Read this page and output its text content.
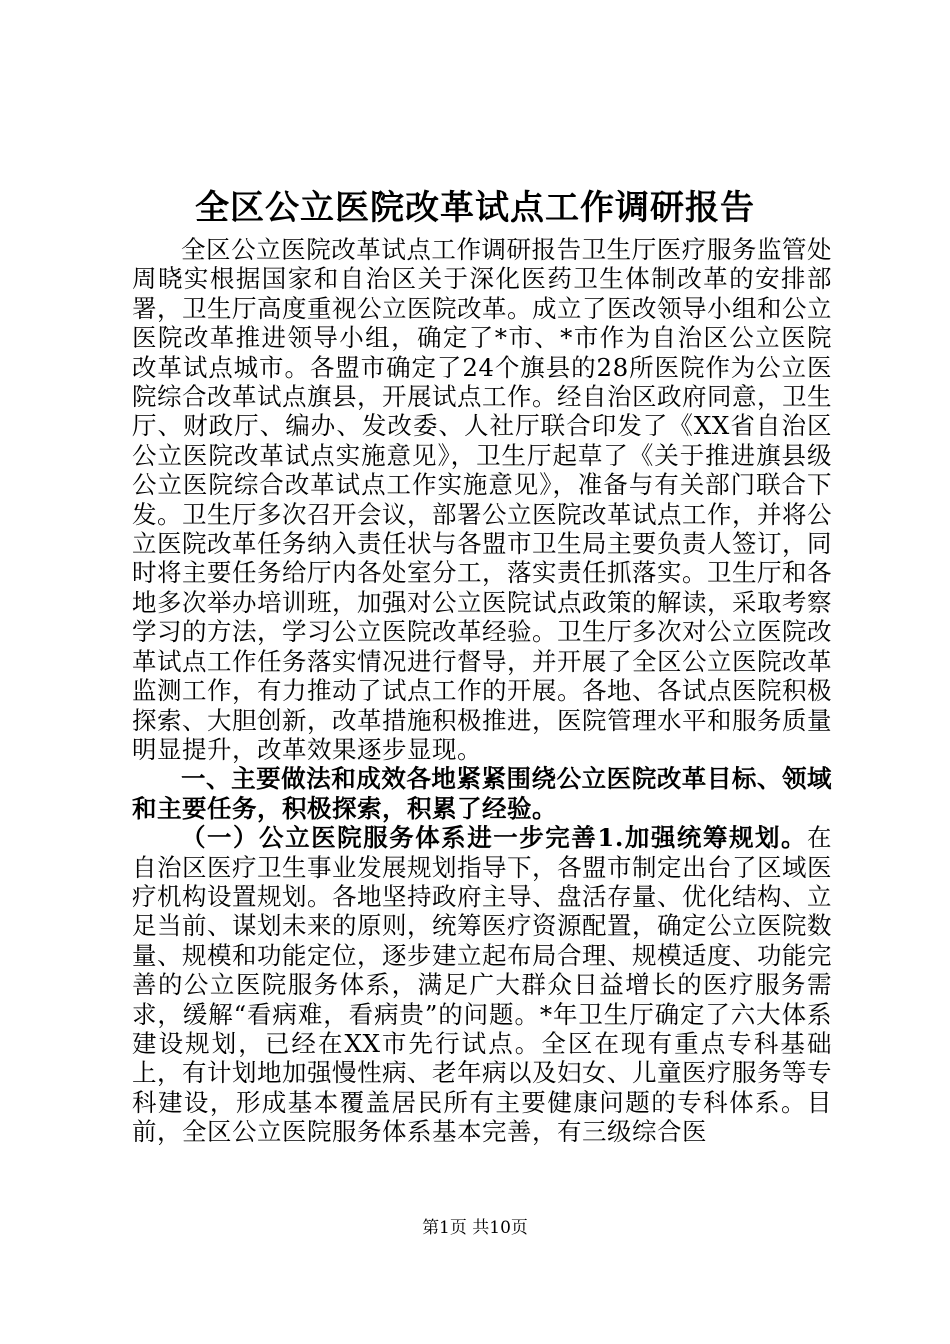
全区公立医院改革试点工作调研报告

全区公立医院改革试点工作调研报告卫生厅医疗服务监管处周晓实根据国家和自治区关于深化医药卫生体制改革的安排部署，卫生厅高度重视公立医院改革。成立了医改领导小组和公立医院改革推进领导小组，确定了*市、*市作为自治区公立医院改革试点城市。各盟市确定了24个旗县的28所医院作为公立医院综合改革试点旗县，开展试点工作。经自治区政府同意，卫生厅、财政厅、编办、发改委、人社厅联合印发了《XX省自治区公立医院改革试点实施意见》，卫生厅起草了《关于推进旗县级公立医院综合改革试点工作实施意见》，准备与有关部门联合下发。卫生厅多次召开会议，部署公立医院改革试点工作，并将公立医院改革任务纳入责任状与各盟市卫生局主要负责人签订，同时将主要任务给厅内各处室分工，落实责任抓落实。卫生厅和各地多次举办培训班，加强对公立医院试点政策的解读，采取考察学习的方法，学习公立医院改革经验。卫生厅多次对公立医院改革试点工作任务落实情况进行督导，并开展了全区公立医院改革监测工作，有力推动了试点工作的开展。各地、各试点医院积极探索、大胆创新，改革措施积极推进，医院管理水平和服务质量明显提升，改革效果逐步显现。

一、主要做法和成效各地紧紧围绕公立医院改革目标、领域和主要任务，积极探索，积累了经验。

（一）公立医院服务体系进一步完善1.加强统筹规划。在自治区医疗卫生事业发展规划指导下，各盟市制定出台了区域医疗机构设置规划。各地坚持政府主导、盘活存量、优化结构、立足当前、谋划未来的原则，统筹医疗资源配置，确定公立医院数量、规模和功能定位，逐步建立起布局合理、规模适度、功能完善的公立医院服务体系，满足广大群众日益增长的医疗服务需求，缓解“看病难，看病贵”的问题。*年卫生厅确定了六大体系建设规划，已经在XX市先行试点。全区在现有重点专科基础上，有计划地加强慢性病、老年病以及妇女、儿童医疗服务等专科建设，形成基本覆盖居民所有主要健康问题的专科体系。目前，全区公立医院服务体系基本完善，有三级综合医

第1页 共10页
